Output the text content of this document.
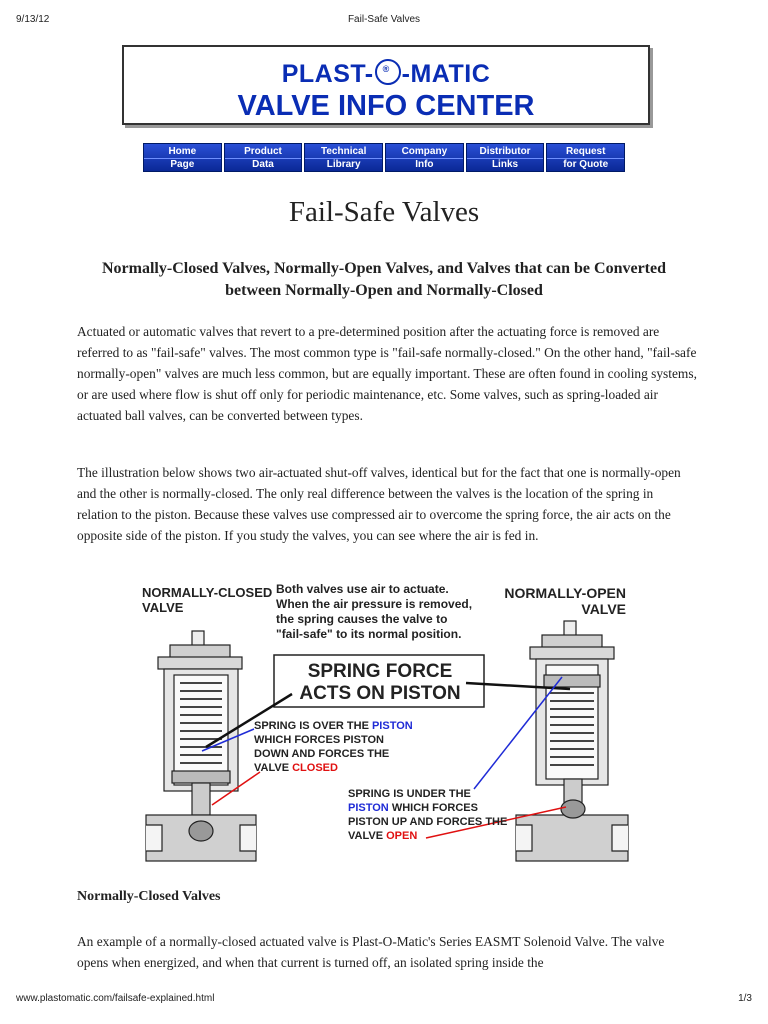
9/13/12	Fail-Safe Valves
PLAST- ® -MATIC
VALVE INFO CENTER
Home
Page
Product
Data
Technical
Library
Company
Info
Distributor
Links
Request
for Quote
Fail-Safe Valves

Normally-Closed Valves, Normally-Open Valves, and Valves that can be Converted between Normally-Open and Normally-Closed

Actuated or automatic valves that revert to a pre-determined position after the actuating force is removed are referred to as "fail-safe" valves. The most common type is "fail-safe normally-closed." On the other hand, "fail-safe normally-open" valves are much less common, but are equally important. These are often found in cooling systems, or are used where flow is shut off only for periodic maintenance, etc. Some valves, such as spring-loaded air actuated ball valves, can be converted between types.

The illustration below shows two air-actuated shut-off valves, identical but for the fact that one is normally-open and the other is normally-closed. The only real difference between the valves is the location of the spring in relation to the piston. Because these valves use compressed air to overcome the spring force, the air acts on the opposite side of the piston. If you study the valves, you can see where the air is fed in.

NORMALLY-CLOSED
VALVE
NORMALLY-OPEN
VALVE
Both valves use air to actuate.
When the air pressure is removed,
the spring causes the valve to
"fail-safe" to its normal position.
SPRING FORCE
ACTS ON PISTON
SPRING IS OVER THE PISTON
WHICH FORCES PISTON
DOWN AND FORCES THE
VALVE CLOSED
SPRING IS UNDER THE
PISTON WHICH FORCES
PISTON UP AND FORCES THE
VALVE OPEN
Normally-Closed Valves

An example of a normally-closed actuated valve is Plast-O-Matic's Series EASMT Solenoid Valve. The valve opens when energized, and when that current is turned off, an isolated spring inside the

www.plastomatic.com/failsafe-explained.html	1/3
